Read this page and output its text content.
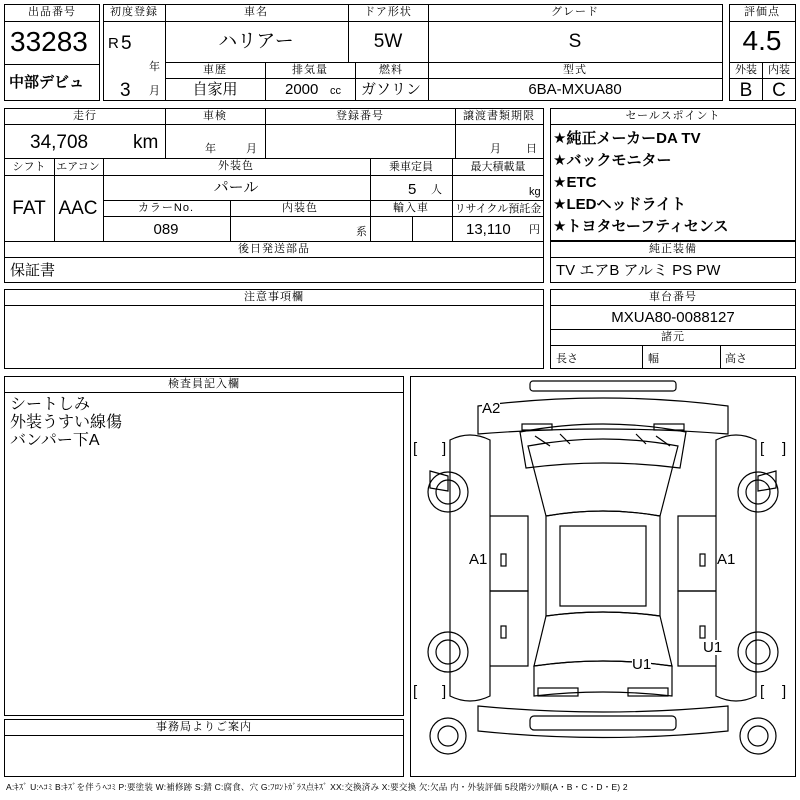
出品番号
33283
中部デビュ
初度登録
R 5
年
3 月
車名
ハリアー
ドア形状
5W
グレード
S
車歴
自家用
排気量
2000 cc
燃料
ガソリン
型式
6BA-MXUA80
評価点
4.5
外装 内装
B C
走行
34,708 km
車検
年	月
登録番号	譲渡書類期限
月 日
シフト
FAT
エアコン
AAC
外装色
パール
乗車定員
5 人
最大積載量
kg
カラーNo.
089
内装色
系
輸入車 リサイクル預託金
13,110 円
後日発送部品
保証書
セールスポイント
★純正メーカーDA TV
★バックモニター
★ETC
★LEDヘッドライト
★トヨタセーフティセンス
純正装備
TV エアB アルミ PS PW
注意事項欄	車台番号
MXUA80-0088127
諸元
長さ	幅	高さ
検査員記入欄
シートしみ
外装うすい線傷
バンパー下A
事務局よりご案内
[ ]	[ ]
[ ]	[ ]
A2
A1	A1
U1
U1
A:ｷｽﾞ U:ﾍｺﾐ B:ｷｽﾞを伴うﾍｺﾐ P:要塗装 W:補修跡 S:錆 C:腐食、穴 G:ﾌﾛﾝﾄｶﾞﾗｽ点ｷｽﾞ XX:交換済み X:要交換 欠:欠品 内・外装評価 5段階ﾗﾝｸ順(A・B・C・D・E) 2
